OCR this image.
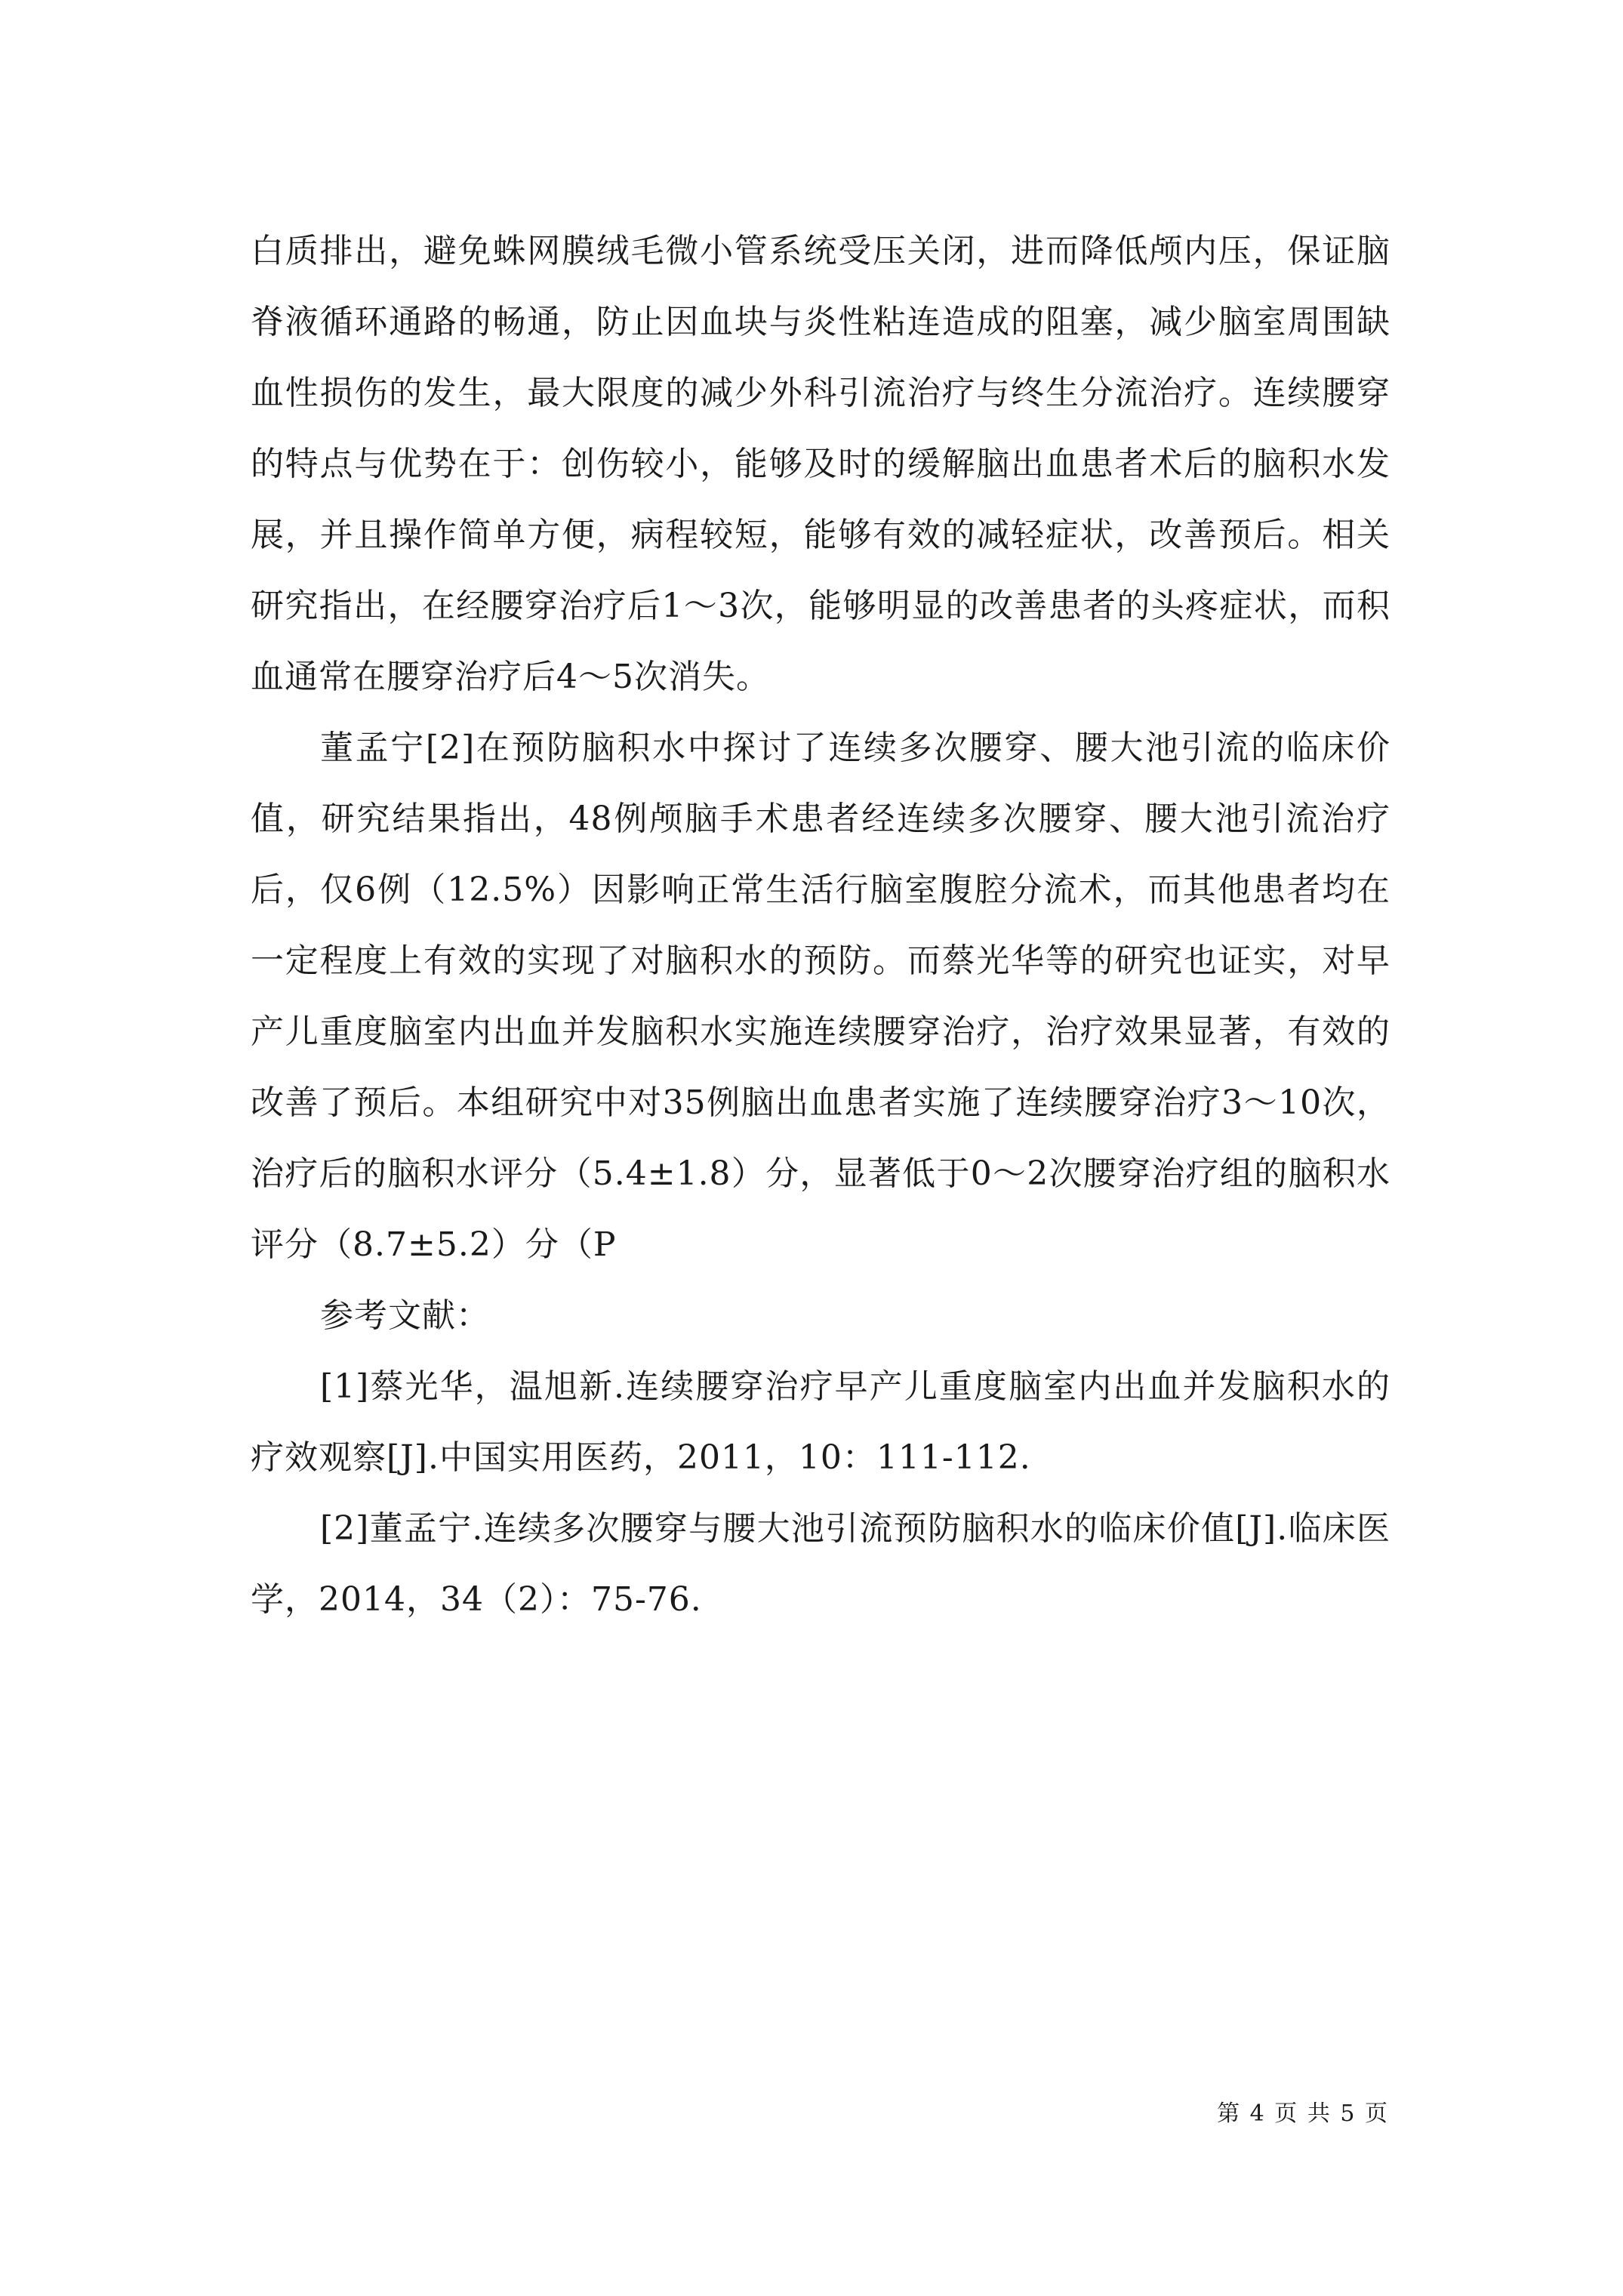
白质排出，避免蛛网膜绒毛微小管系统受压关闭，进而降低颅内压，保证脑脊液循环通路的畅通，防止因血块与炎性粘连造成的阻塞，减少脑室周围缺血性损伤的发生，最大限度的减少外科引流治疗与终生分流治疗。连续腰穿的特点与优势在于：创伤较小，能够及时的缓解脑出血患者术后的脑积水发展，并且操作简单方便，病程较短，能够有效的减轻症状，改善预后。相关研究指出，在经腰穿治疗后1～3次，能够明显的改善患者的头疼症状，而积血通常在腰穿治疗后4～5次消失。

董孟宁[2]在预防脑积水中探讨了连续多次腰穿、腰大池引流的临床价值，研究结果指出，48例颅脑手术患者经连续多次腰穿、腰大池引流治疗后，仅6例（12.5%）因影响正常生活行脑室腹腔分流术，而其他患者均在一定程度上有效的实现了对脑积水的预防。而蔡光华等的研究也证实，对早产儿重度脑室内出血并发脑积水实施连续腰穿治疗，治疗效果显著，有效的改善了预后。本组研究中对35例脑出血患者实施了连续腰穿治疗3～10次，治疗后的脑积水评分（5.4±1.8）分，显著低于0～2次腰穿治疗组的脑积水评分（8.7±5.2）分（P

参考文献：

[1]蔡光华，温旭新.连续腰穿治疗早产儿重度脑室内出血并发脑积水的疗效观察[J].中国实用医药，2011，10：111-112.

[2]董孟宁.连续多次腰穿与腰大池引流预防脑积水的临床价值[J].临床医学，2014，34（2）：75-76.

第 4 页 共 5 页
